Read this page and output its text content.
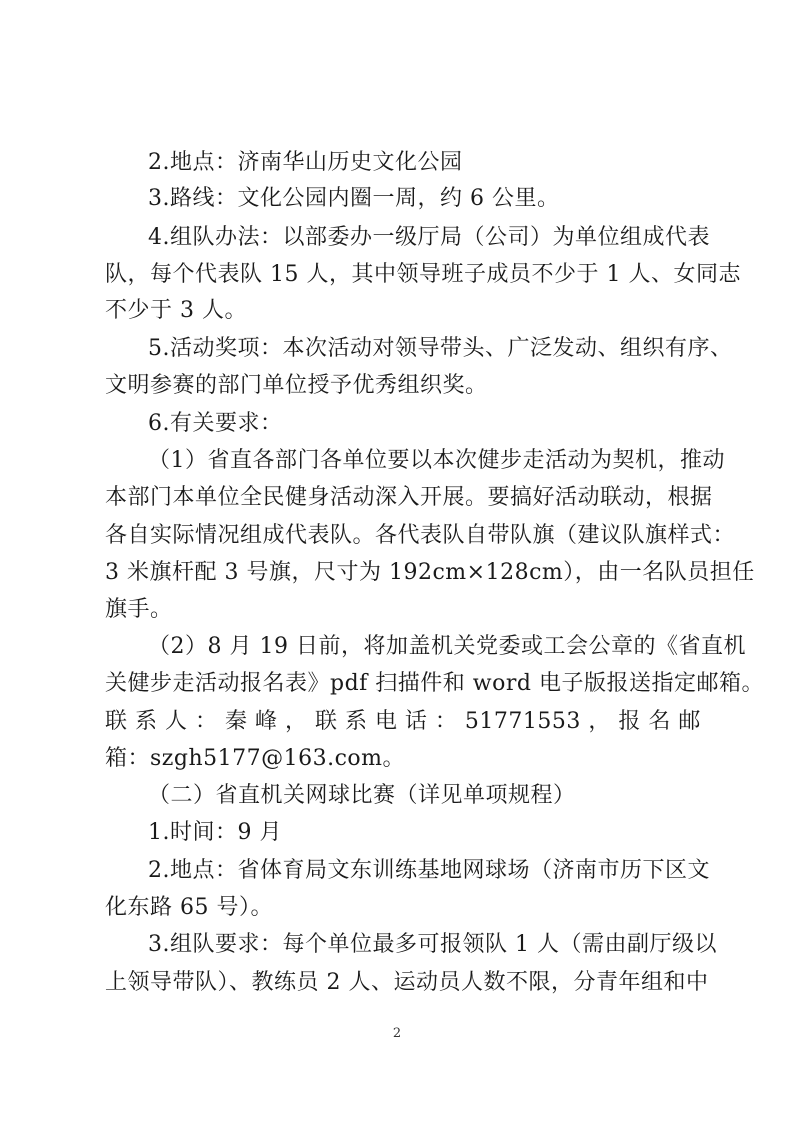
2.地点：济南华山历史文化公园
3.路线：文化公园内圈一周，约 6 公里。
4.组队办法：以部委办一级厅局（公司）为单位组成代表
队，每个代表队 15 人，其中领导班子成员不少于 1 人、女同志
不少于 3 人。
5.活动奖项：本次活动对领导带头、广泛发动、组织有序、
文明参赛的部门单位授予优秀组织奖。
6.有关要求：
（1）省直各部门各单位要以本次健步走活动为契机，推动
本部门本单位全民健身活动深入开展。要搞好活动联动，根据
各自实际情况组成代表队。各代表队自带队旗（建议队旗样式：
3 米旗杆配 3 号旗，尺寸为 192cm×128cm），由一名队员担任
旗手。
（2）8 月 19 日前，将加盖机关党委或工会公章的《省直机
关健步走活动报名表》pdf 扫描件和 word 电子版报送指定邮箱。
联 系 人 ： 秦 峰 ， 联 系 电 话 ： 51771553 ， 报 名 邮
箱：szgh5177@163.com。
（二）省直机关网球比赛（详见单项规程）
1.时间：9 月
2.地点：省体育局文东训练基地网球场（济南市历下区文
化东路 65 号）。
3.组队要求：每个单位最多可报领队 1 人（需由副厅级以
上领导带队）、教练员 2 人、运动员人数不限，分青年组和中
2
